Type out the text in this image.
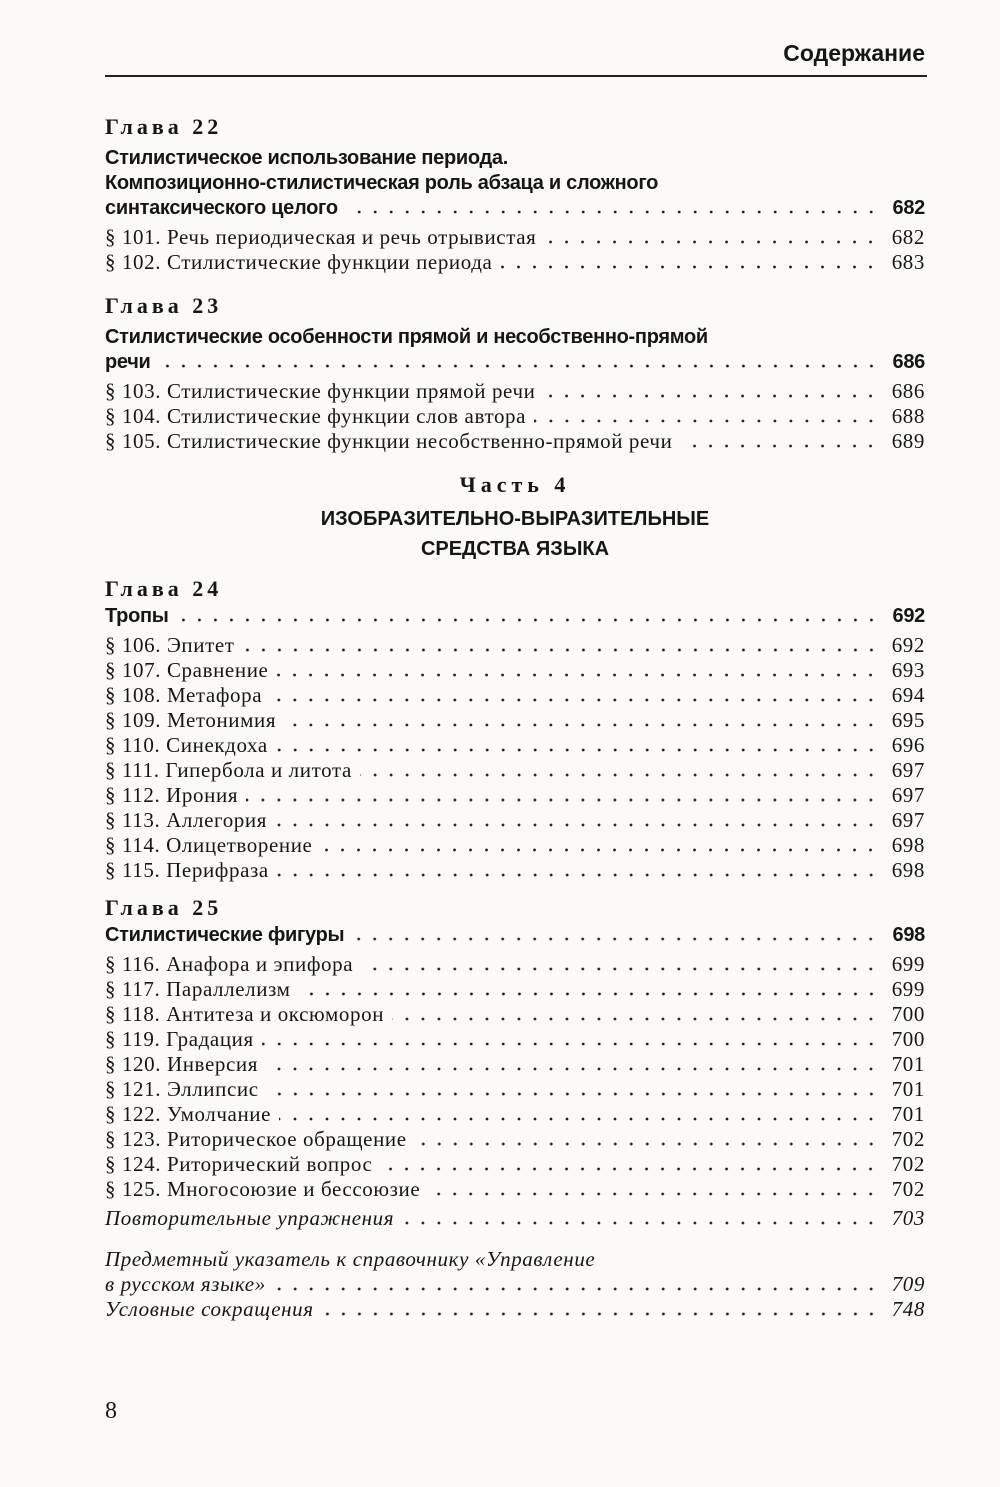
Содержание
Глава 22
Стилистическое использование периода.
Композиционно-стилистическая роль абзаца и сложного
синтаксического целого	682
§ 101. Речь периодическая и речь отрывистая	682
§ 102. Стилистические функции периода	683
Глава 23
Стилистические особенности прямой и несобственно-прямой
речи	686
§ 103. Стилистические функции прямой речи	686
§ 104. Стилистические функции слов автора	688
§ 105. Стилистические функции несобственно-прямой речи	689
Часть 4
ИЗОБРАЗИТЕЛЬНО-ВЫРАЗИТЕЛЬНЫЕ
СРЕДСТВА ЯЗЫКА
Глава 24
Тропы	692
§ 106. Эпитет	692
§ 107. Сравнение	693
§ 108. Метафора	694
§ 109. Метонимия	695
§ 110. Синекдоха	696
§ 111. Гипербола и литота	697
§ 112. Ирония	697
§ 113. Аллегория	697
§ 114. Олицетворение	698
§ 115. Перифраза	698
Глава 25
Стилистические фигуры	698
§ 116. Анафора и эпифора	699
§ 117. Параллелизм	699
§ 118. Антитеза и оксюморон	700
§ 119. Градация	700
§ 120. Инверсия	701
§ 121. Эллипсис	701
§ 122. Умолчание	701
§ 123. Риторическое обращение	702
§ 124. Риторический вопрос	702
§ 125. Многосоюзие и бессоюзие	702
Повторительные упражнения	703
Предметный указатель к справочнику «Управление
в русском языке»	709
Условные сокращения	748
8
